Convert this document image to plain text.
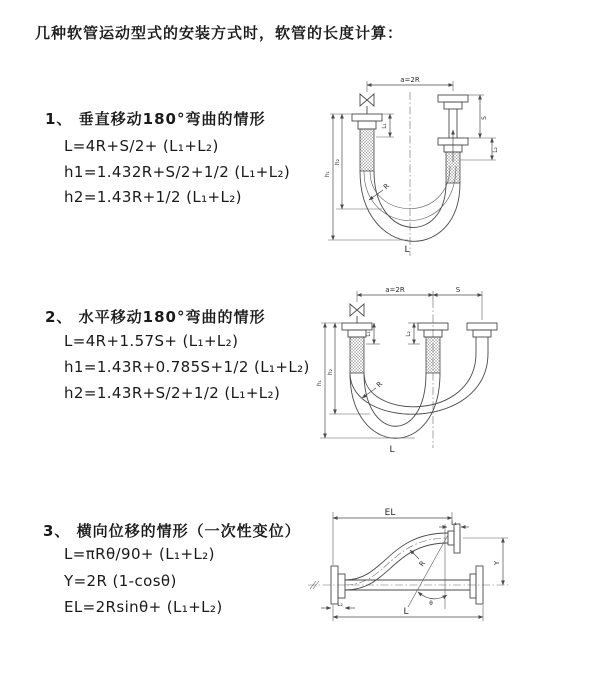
几种软管运动型式的安装方式时，软管的长度计算：
1、 垂直移动180°弯曲的情形
L=4R+S/2+ (L₁+L₂)
h1=1.432R+S/2+1/2 (L₁+L₂)
h2=1.43R+1/2 (L₁+L₂)
2、 水平移动180°弯曲的情形
L=4R+1.57S+ (L₁+L₂)
h1=1.43R+0.785S+1/2 (L₁+L₂)
h2=1.43R+S/2+1/2 (L₁+L₂)
3、 横向位移的情形（一次性变位）
L=πRθ/90+ (L₁+L₂)
Y=2R (1-cosθ)
EL=2Rsinθ+ (L₁+L₂)
a=2R
L₁
S
L₂
h₂
h₁
R
L
a=2R	S
L₁	L₂
h₂
h₁	R
L
EL
L₁
Y
θ
R
L₂
L
